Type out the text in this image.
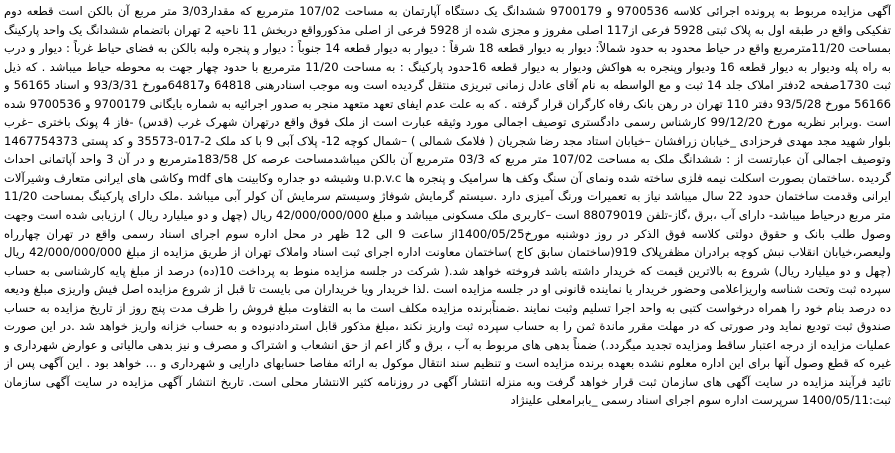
آگهی مزایده مربوط به پرونده اجرائی کلاسه 9700536 و 9700179 ششدانگ یک دستگاه آپارتمان به مساحت 107/02 مترمربع که مقدار3/03 متر مربع آن بالکن است قطعه دوم تفکیکی واقع در طبقه اول به پلاک ثبتی 5928 فرعی از117 اصلی مفروز و مجزی شده از 5928 فرعی از اصلی مذکورواقع دربخش 11 ناحیه 2 تهران باتضمام ششدانگ یک واحد پارکینگ بمساحت 11/20مترمربع واقع در حیاط محدود به حدود شمالاً: دیوار به دیوار قطعه 18 شرقاً : دیوار به دیوار قطعه 14 جنوباً : دیوار و پنجره ولبه بالکن به فضای حیاط غرباً : دیوار و درب به راه پله ودیوار به دیوار قطعه 16 ودیوار وپنجره به هواکش ودیوار به دیوار قطعه 16حدود پارکینگ : به مساحت 11/20 مترمربع با حدود چهار جهت به محوطه حیاط میباشد . که ذیل ثبت 1730صفحه 2دفتر املاک جلد 14 ثبت و مع الواسطه به نام آقای عادل زمانی تبریزی منتقل گردیده است وبه موجب اسنادرهنی 64818 و64817مورخ 93/3/31 و اسناد 56165 و 56166 مورخ 93/5/28 دفتر 110 تهران در رهن بانک رفاه کارگران قرار گرفته . که به علت عدم ایفای تعهد متعهد منجر به صدور اجرائیه به شماره بایگانی 9700179 و 9700536 شده است .وبرابر نظریه مورخ 99/12/20 کارشناس رسمی دادگستری توصیف اجمالی مورد وثیقه عبارت است از ملک فوق واقع درتهران شهرک غرب (قدس) -فاز 4 پونک باختری –غرب بلوار شهید مجد مهدی فرحزادی _خیابان زرافشان –خیابان استاد مجد رضا شجریان ( فلامک شمالی ) –شمال کوچه 12- پلاک آبی 9 با کد ملک 2-017-35573 و کد پستی 1467754373 وتوصیف اجمالی آن عبارتست از : ششدانگ ملک به مساحت 107/02 متر مربع که 03/3 مترمربع آن بالکن میباشدمساحت عرصه کل 183/58مترمربع و در آن 3 واحد آپاتمانی احداث گردیده .ساختمان بصورت اسکلت نیمه فلزی ساخته شده ونمای آن سنگ وکف ها سرامیک و پنجره ها u.p.v.c وشیشه دو جداره وکابینت های mdf وکاشی های ایرانی متعارف وشیرآلات ایرانی وقدمت ساختمان حدود 22 سال میباشد نیاز به تعمیرات ورنگ آمیزی دارد .سیستم گرمایش شوفاژ وسیستم سرمایش آن کولر آبی میباشد .ملک دارای پارکینگ بمساحت 11/20 متر مربع درحیاط میباشد- دارای آب ،برق ،گاز-تلفن 88079019 است –کاربری ملک مسکونی میباشد و مبلغ 42/000/000/000 ریال (چهل و دو میلیارد ریال ) ارزیابی شده است وجهت وصول طلب بانک و حقوق دولتی کلاسه فوق الذکر در روز دوشنبه مورخ1400/05/25از ساعت 9 الی 12 ظهر در محل اداره سوم اجرای اسناد رسمی واقع در تهران چهارراه ولیعصر،خیابان انقلاب نبش کوچه برادران مظفرپلاک 919(ساختمان سابق کاج )ساختمان معاونت اداره اجرای ثبت اسناد واملاک تهران از طریق مزایده از مبلغ 42/000/000/000 ریال (چهل و دو میلیارد ریال) شروع به بالاترین قیمت که خریدار داشته باشد فروخته خواهد شد.( شرکت در جلسه مزایده منوط به پرداخت 10(ده) درصد از مبلغ پایه کارشناسی به حساب سپرده ثبت وتحت شناسه واریزاعلامی وحضور خریدار یا نماینده قانونی او در جلسه مزایده است .لذا خریدار ویا خریداران می بایست تا قبل از شروع مزایده اصل فیش واریزی مبلغ ودیعه ده درصد بنام خود را همراه درخواست کتبی به واحد اجرا تسلیم وثبت نمایند .ضمناًبرنده مزایده مکلف است ما به التفاوت مبلغ فروش را ظرف مدت پنج روز از تاریخ مزایده به حساب صندوق ثبت تودیع نماید ودر صورتی که در مهلت مقرر ماندة ثمن را به حساب سپرده ثبت واریز نکند ،مبلغ مذکور قابل استردادنبوده و به حساب خزانه واریز خواهد شد .در این صورت عملیات مزایده از درجه اعتبار ساقط ومزایده تجدید میگردد.) ضمناً بدهی های مربوط به آب ، برق و گاز اعم از حق انشعاب و اشتراک و مصرف و نیز بدهی مالیاتی و عوارض شهرداری و غیره که قطع وصول آنها برای این اداره معلوم نشده بعهده برنده مزایده است و تنظیم سند انتقال موکول به ارائه مفاصا حسابهای دارایی و شهرداری و ... خواهد بود . این آگهی پس از تائید فرآیند مزایده در سایت آگهی های سازمان ثبت قرار خواهد گرفت وبه منزله انتشار آگهی در روزنامه کثیر الانتشار محلی است. تاریخ انتشار آگهی مزایده در سایت آگهی سازمان ثبت:1400/05/11 سرپرست اداره سوم اجرای اسناد رسمی _بابرامعلی علینژاد
